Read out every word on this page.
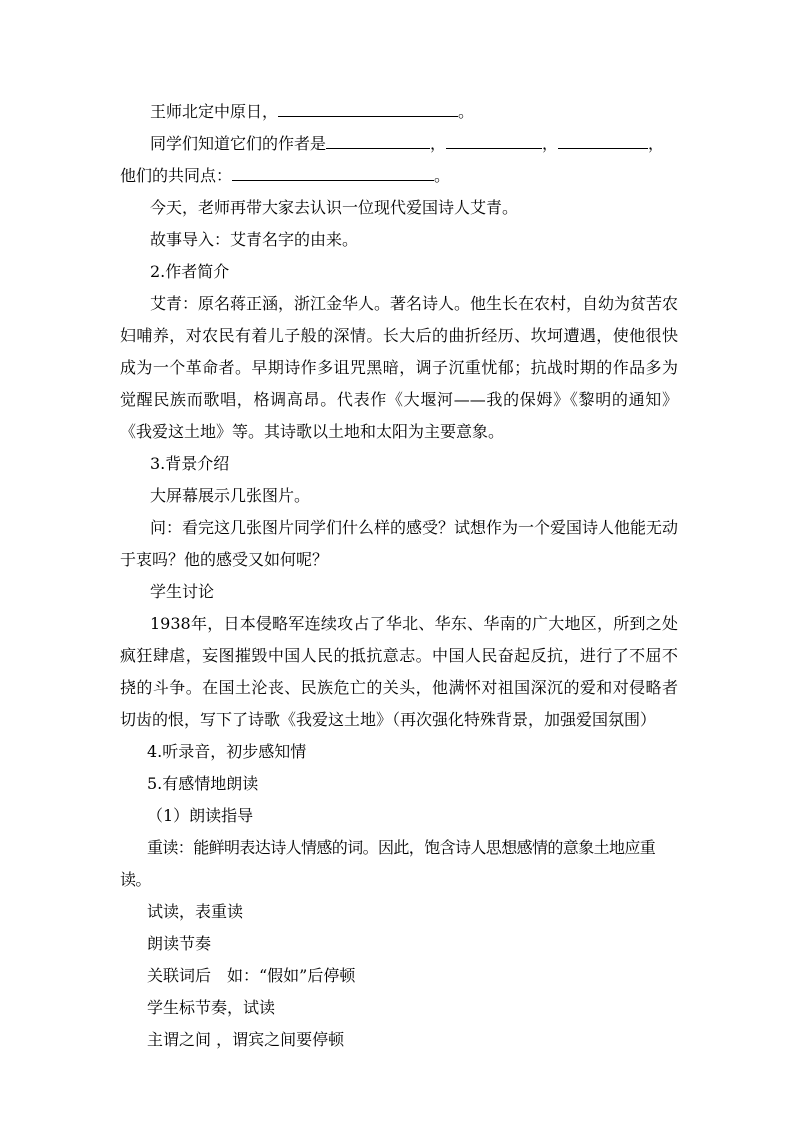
王师北定中原日，	。

同学们知道它们的作者是	，	，	，

他们的共同点：	。

今天，老师再带大家去认识一位现代爱国诗人艾青。

故事导入：艾青名字的由来。

2.作者简介

艾青：原名蒋正涵，浙江金华人。著名诗人。他生长在农村，自幼为贫苦农妇哺养，对农民有着儿子般的深情。长大后的曲折经历、坎坷遭遇，使他很快成为一个革命者。早期诗作多诅咒黑暗，调子沉重忧郁；抗战时期的作品多为觉醒民族而歌唱，格调高昂。代表作《大堰河——我的保姆》《黎明的通知》《我爱这土地》等。其诗歌以土地和太阳为主要意象。

3.背景介绍

大屏幕展示几张图片。

问：看完这几张图片同学们什么样的感受？试想作为一个爱国诗人他能无动于衷吗？他的感受又如何呢？

学生讨论

1938年，日本侵略军连续攻占了华北、华东、华南的广大地区，所到之处疯狂肆虐，妄图摧毁中国人民的抵抗意志。中国人民奋起反抗，进行了不屈不挠的斗争。在国土沦丧、民族危亡的关头，他满怀对祖国深沉的爱和对侵略者切齿的恨，写下了诗歌《我爱这土地》（再次强化特殊背景，加强爱国氛围）

4.听录音，初步感知情

5.有感情地朗读

（1）朗读指导

重读：能鲜明表达诗人情感的词。因此，饱含诗人思想感情的意象土地应重读。

试读，表重读

朗读节奏

关联词后　如：“假如”后停顿

学生标节奏，试读

主谓之间 ，谓宾之间要停顿
